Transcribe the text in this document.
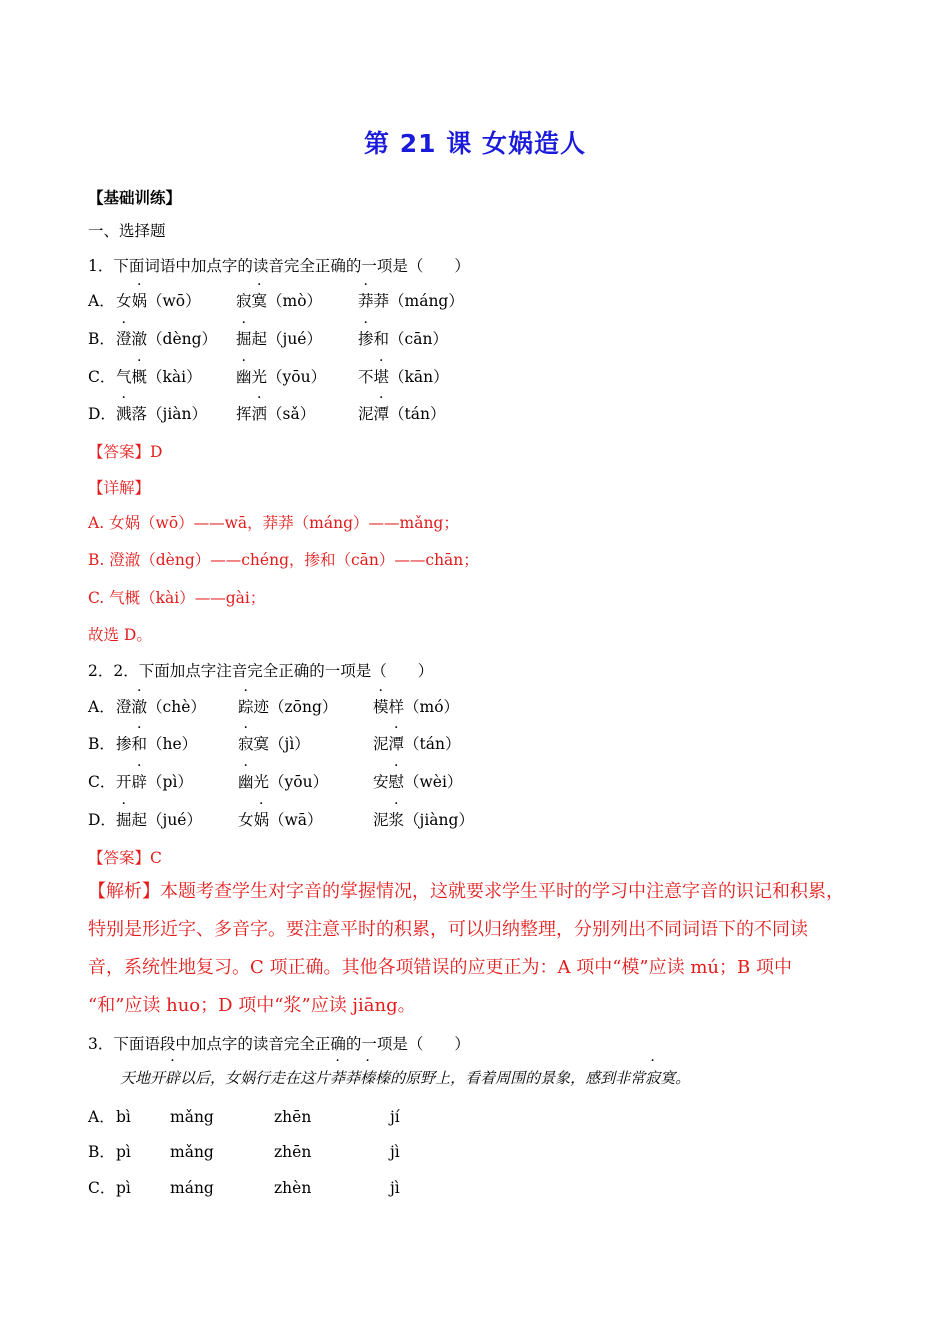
第 21 课 女娲造人
【基础训练】
一、选择题
1．下面词语中加点字的读音完全正确的一项是（　　）
A． 女娲（wō） 寂寞（mò） 莽莽（máng）
B． 澄澈（dèng） 掘起（jué） 掺和（cān）
C． 气概（kài） 幽光（yōu） 不堪（kān）
D． 溅落（jiàn） 挥洒（sǎ）	泥潭（tán）
【答案】D
【详解】
A. 女娲（wō）——wā，莽莽（máng）——mǎng；
B. 澄澈（dèng）——chéng，掺和（cān）——chān；
C. 气概（kài）——gài；
故选 D。
2．2．下面加点字注音完全正确的一项是（　　）
A． 澄澈（chè） 踪迹（zōng） 模样（mó）
B． 掺和（he）	寂寞（jì）	泥潭（tán）
C． 开辟（pì）	幽光（yōu）	安慰（wèi）
D． 掘起（jué） 女娲（wā）	泥浆（jiàng）
【答案】C
【解析】本题考查学生对字音的掌握情况，这就要求学生平时的学习中注意字音的识记和积累，
特别是形近字、多音字。要注意平时的积累，可以归纳整理，分别列出不同词语下的不同读
音，系统性地复习。C 项正确。其他各项错误的应更正为：A 项中“模”应读 mú；B 项中
“和”应读 huo；D 项中“浆”应读 jiāng。
3．下面语段中加点字的读音完全正确的一项是（　　）
天地开辟以后，女娲行走在这片莽莽榛榛的原野上，看着周围的景象，感到非常寂寞。
A． bì	mǎng	zhēn	jí
B． pì	mǎng	zhēn	jì
C． pì	máng	zhèn	jì
